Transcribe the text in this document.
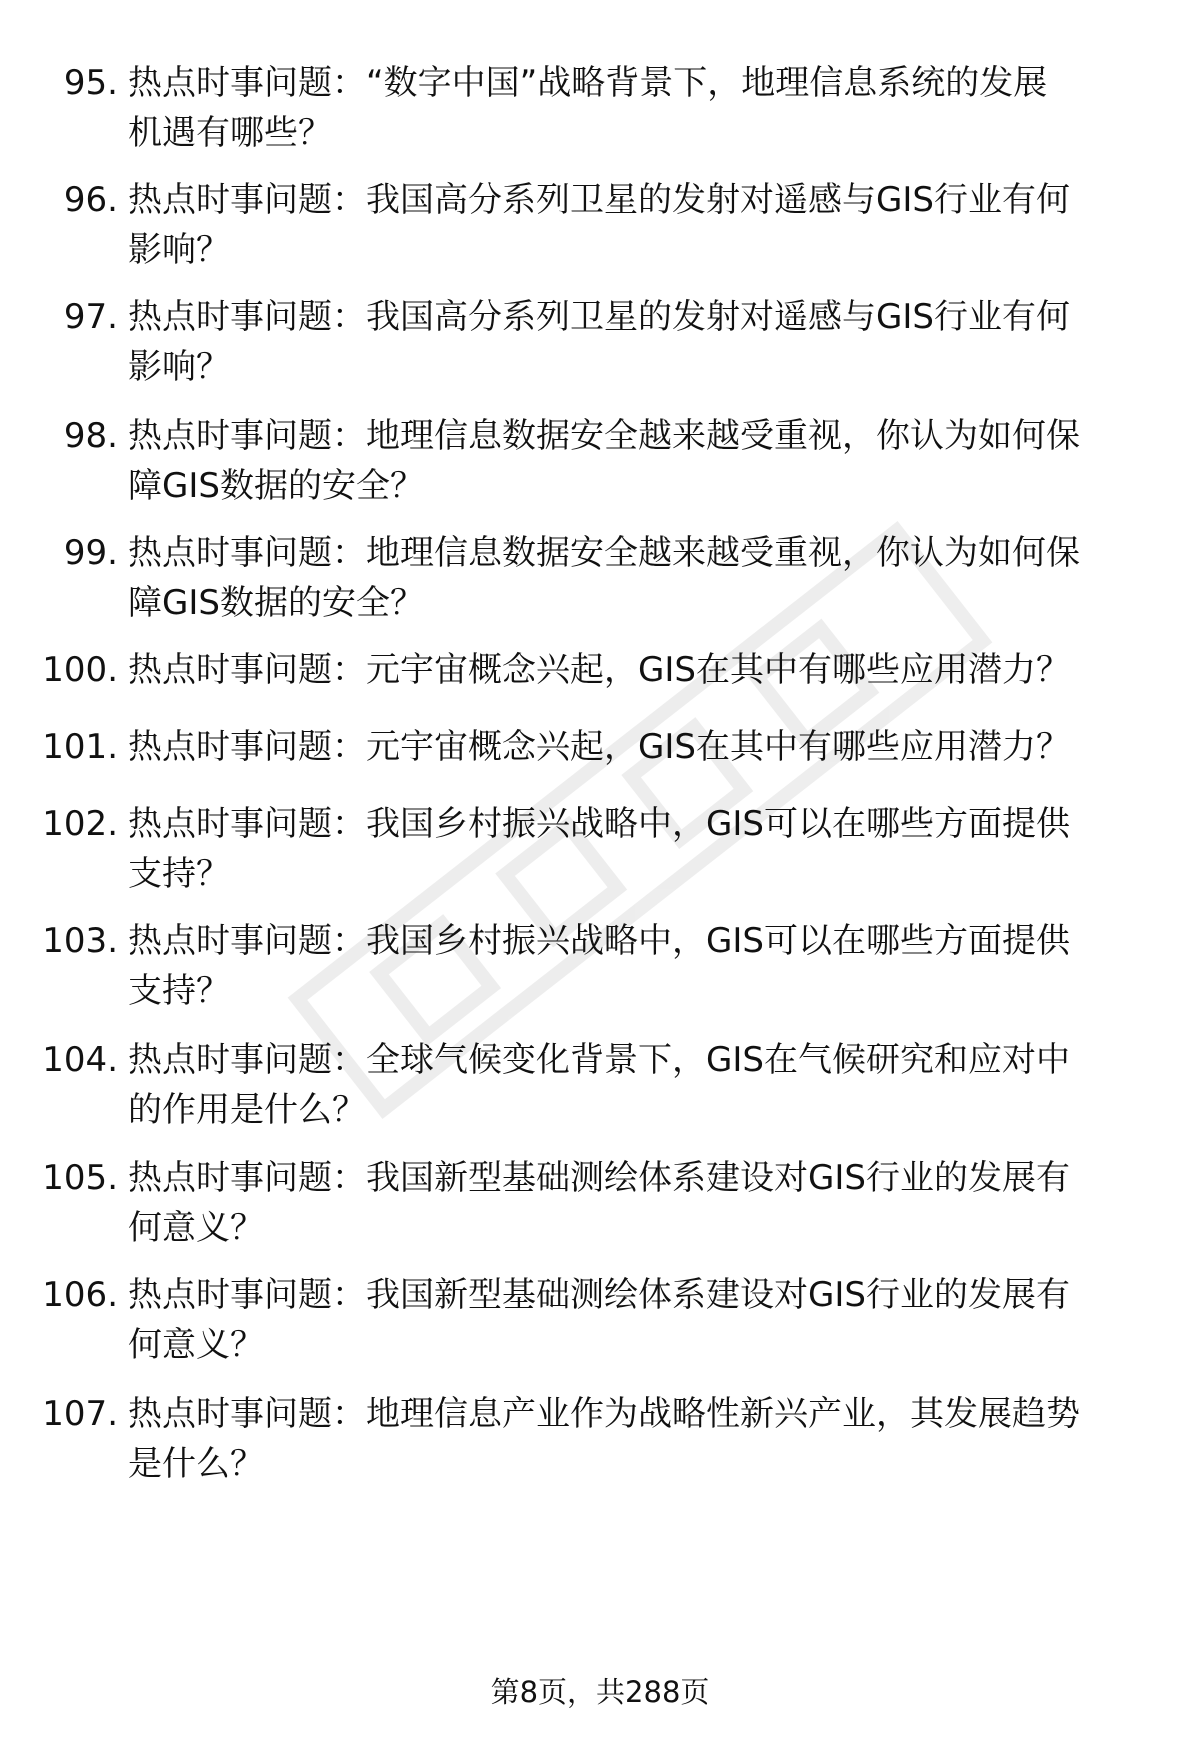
95. 热点时事问题：“数字中国”战略背景下，地理信息系统的发展
机遇有哪些？
96. 热点时事问题：我国高分系列卫星的发射对遥感与GIS行业有何
影响？
97. 热点时事问题：我国高分系列卫星的发射对遥感与GIS行业有何
影响？
98. 热点时事问题：地理信息数据安全越来越受重视，你认为如何保
障GIS数据的安全？
99. 热点时事问题：地理信息数据安全越来越受重视，你认为如何保
障GIS数据的安全？
100. 热点时事问题：元宇宙概念兴起，GIS在其中有哪些应用潜力？
101. 热点时事问题：元宇宙概念兴起，GIS在其中有哪些应用潜力？
102. 热点时事问题：我国乡村振兴战略中，GIS可以在哪些方面提供
支持？
103. 热点时事问题：我国乡村振兴战略中，GIS可以在哪些方面提供
支持？
104. 热点时事问题：全球气候变化背景下，GIS在气候研究和应对中
的作用是什么？
105. 热点时事问题：我国新型基础测绘体系建设对GIS行业的发展有
何意义？
106. 热点时事问题：我国新型基础测绘体系建设对GIS行业的发展有
何意义？
107. 热点时事问题：地理信息产业作为战略性新兴产业，其发展趋势
是什么？
第8页，共288页
